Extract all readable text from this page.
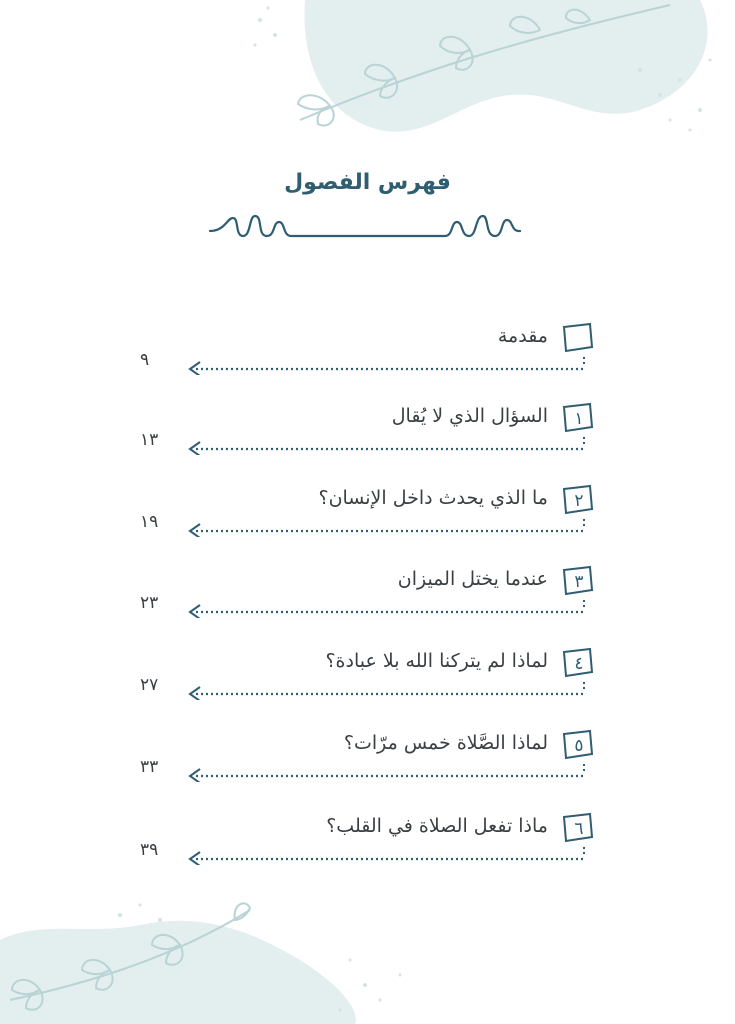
فهرس الفصول
مقدمة
٩
١
السؤال الذي لا يُقال
١٣
٢
ما الذي يحدث داخل الإنسان؟
١٩
٣
عندما يختل الميزان
٢٣
٤
لماذا لم يتركنا الله بلا عبادة؟
٢٧
٥
لماذا الصَّلاة خمس مرّات؟
٣٣
٦
ماذا تفعل الصلاة في القلب؟
٣٩
